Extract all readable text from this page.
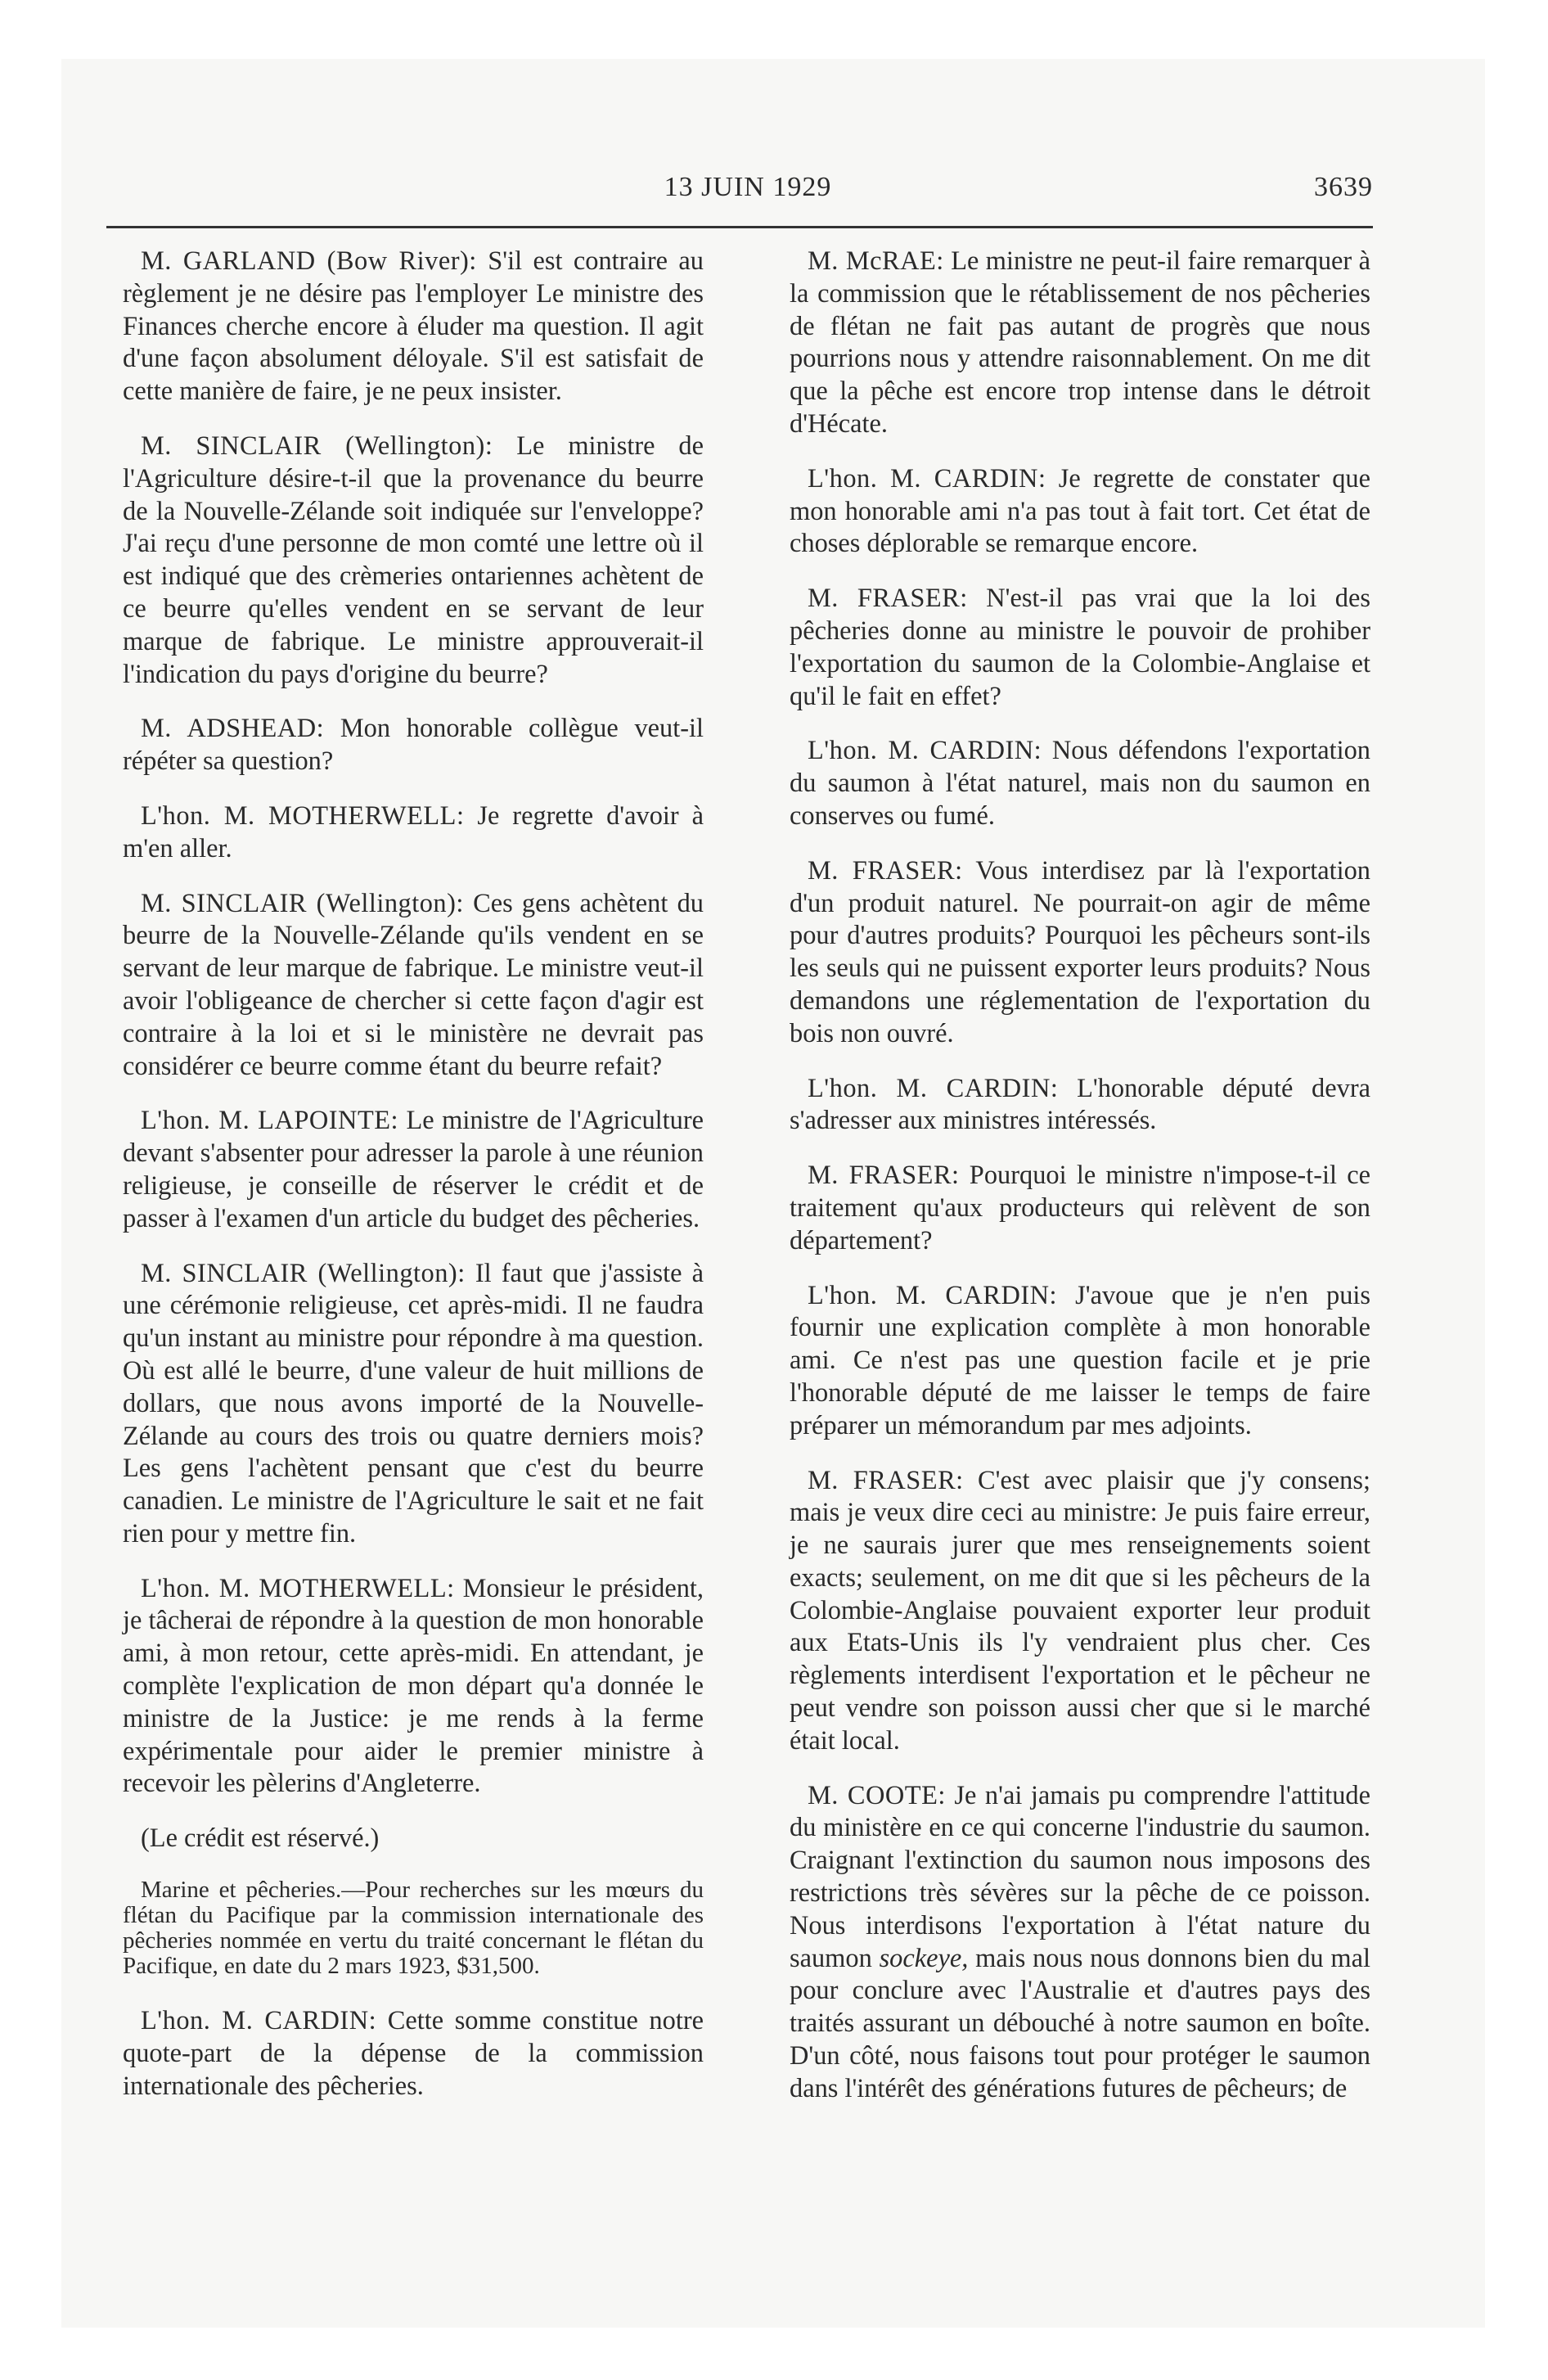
13 JUIN 1929	3639

M. GARLAND (Bow River): S'il est contraire au règlement je ne désire pas l'employer Le ministre des Finances cherche encore à éluder ma question. Il agit d'une façon absolument déloyale. S'il est satisfait de cette manière de faire, je ne peux insister.

M. SINCLAIR (Wellington): Le ministre de l'Agriculture désire-t-il que la provenance du beurre de la Nouvelle-Zélande soit indiquée sur l'enveloppe? J'ai reçu d'une personne de mon comté une lettre où il est indiqué que des crèmeries ontariennes achètent de ce beurre qu'elles vendent en se servant de leur marque de fabrique. Le ministre approuverait-il l'indication du pays d'origine du beurre?

M. ADSHEAD: Mon honorable collègue veut-il répéter sa question?

L'hon. M. MOTHERWELL: Je regrette d'avoir à m'en aller.

M. SINCLAIR (Wellington): Ces gens achètent du beurre de la Nouvelle-Zélande qu'ils vendent en se servant de leur marque de fabrique. Le ministre veut-il avoir l'obligeance de chercher si cette façon d'agir est contraire à la loi et si le ministère ne devrait pas considérer ce beurre comme étant du beurre refait?

L'hon. M. LAPOINTE: Le ministre de l'Agriculture devant s'absenter pour adresser la parole à une réunion religieuse, je conseille de réserver le crédit et de passer à l'examen d'un article du budget des pêcheries.

M. SINCLAIR (Wellington): Il faut que j'assiste à une cérémonie religieuse, cet après-midi. Il ne faudra qu'un instant au ministre pour répondre à ma question. Où est allé le beurre, d'une valeur de huit millions de dollars, que nous avons importé de la Nouvelle-Zélande au cours des trois ou quatre derniers mois? Les gens l'achètent pensant que c'est du beurre canadien. Le ministre de l'Agriculture le sait et ne fait rien pour y mettre fin.

L'hon. M. MOTHERWELL: Monsieur le président, je tâcherai de répondre à la question de mon honorable ami, à mon retour, cette après-midi. En attendant, je complète l'explication de mon départ qu'a donnée le ministre de la Justice: je me rends à la ferme expérimentale pour aider le premier ministre à recevoir les pèlerins d'Angleterre.

(Le crédit est réservé.)

Marine et pêcheries.—Pour recherches sur les mœurs du flétan du Pacifique par la commission internationale des pêcheries nommée en vertu du traité concernant le flétan du Pacifique, en date du 2 mars 1923, $31,500.

L'hon. M. CARDIN: Cette somme constitue notre quote-part de la dépense de la commission internationale des pêcheries.

M. McRAE: Le ministre ne peut-il faire remarquer à la commission que le rétablissement de nos pêcheries de flétan ne fait pas autant de progrès que nous pourrions nous y attendre raisonnablement. On me dit que la pêche est encore trop intense dans le détroit d'Hécate.

L'hon. M. CARDIN: Je regrette de constater que mon honorable ami n'a pas tout à fait tort. Cet état de choses déplorable se remarque encore.

M. FRASER: N'est-il pas vrai que la loi des pêcheries donne au ministre le pouvoir de prohiber l'exportation du saumon de la Colombie-Anglaise et qu'il le fait en effet?

L'hon. M. CARDIN: Nous défendons l'exportation du saumon à l'état naturel, mais non du saumon en conserves ou fumé.

M. FRASER: Vous interdisez par là l'exportation d'un produit naturel. Ne pourrait-on agir de même pour d'autres produits? Pourquoi les pêcheurs sont-ils les seuls qui ne puissent exporter leurs produits? Nous demandons une réglementation de l'exportation du bois non ouvré.

L'hon. M. CARDIN: L'honorable député devra s'adresser aux ministres intéressés.

M. FRASER: Pourquoi le ministre n'impose-t-il ce traitement qu'aux producteurs qui relèvent de son département?

L'hon. M. CARDIN: J'avoue que je n'en puis fournir une explication complète à mon honorable ami. Ce n'est pas une question facile et je prie l'honorable député de me laisser le temps de faire préparer un mémorandum par mes adjoints.

M. FRASER: C'est avec plaisir que j'y consens; mais je veux dire ceci au ministre: Je puis faire erreur, je ne saurais jurer que mes renseignements soient exacts; seulement, on me dit que si les pêcheurs de la Colombie-Anglaise pouvaient exporter leur produit aux Etats-Unis ils l'y vendraient plus cher. Ces règlements interdisent l'exportation et le pêcheur ne peut vendre son poisson aussi cher que si le marché était local.

M. COOTE: Je n'ai jamais pu comprendre l'attitude du ministère en ce qui concerne l'industrie du saumon. Craignant l'extinction du saumon nous imposons des restrictions très sévères sur la pêche de ce poisson. Nous interdisons l'exportation à l'état nature du saumon sockeye, mais nous nous donnons bien du mal pour conclure avec l'Australie et d'autres pays des traités assurant un débouché à notre saumon en boîte. D'un côté, nous faisons tout pour protéger le saumon dans l'intérêt des générations futures de pêcheurs; de
